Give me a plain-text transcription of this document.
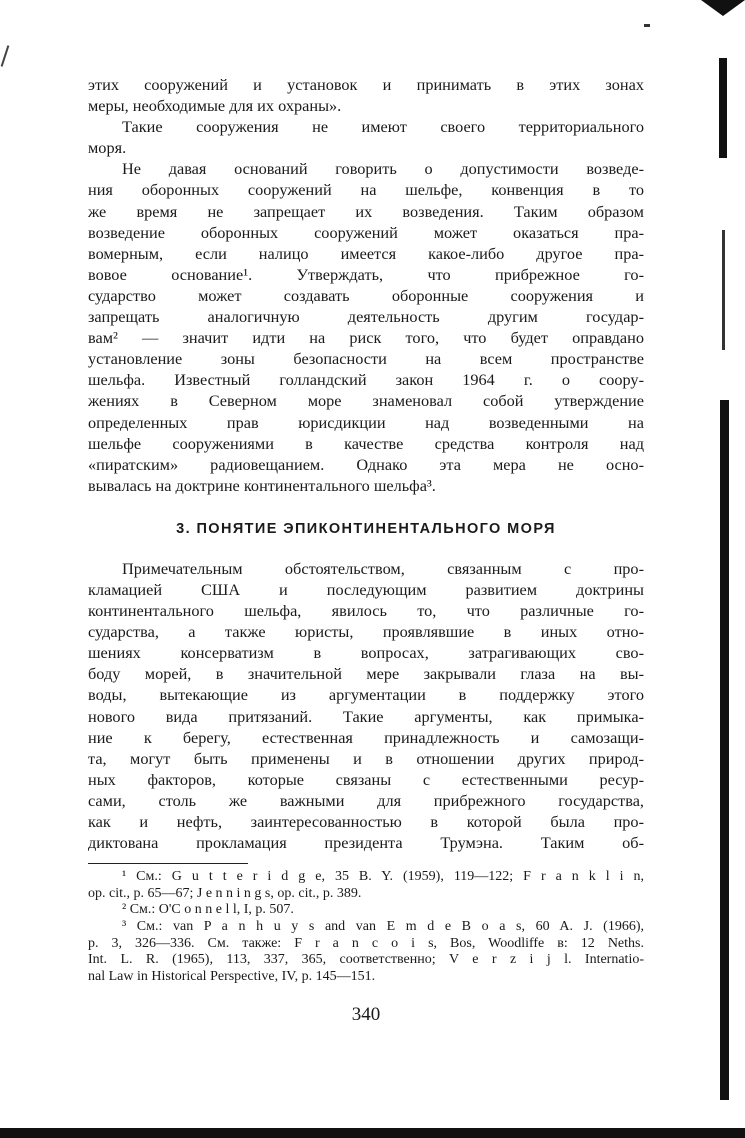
этих сооружений и установок и принимать в этих зонах
меры, необходимые для их охраны».
Такие сооружения не имеют своего территориального
моря.
Не давая оснований говорить о допустимости возведе-
ния оборонных сооружений на шельфе, конвенция в то
же время не запрещает их возведения. Таким образом
возведение оборонных сооружений может оказаться пра-
вомерным, если налицо имеется какое-либо другое пра-
вовое основание¹. Утверждать, что прибрежное го-
сударство может создавать оборонные сооружения и
запрещать аналогичную деятельность другим государ-
вам² — значит идти на риск того, что будет оправдано
установление зоны безопасности на всем пространстве
шельфа. Известный голландский закон 1964 г. о соору-
жениях в Северном море знаменовал собой утверждение
определенных прав юрисдикции над возведенными на
шельфе сооружениями в качестве средства контроля над
«пиратским» радиовещанием. Однако эта мера не осно-
вывалась на доктрине континентального шельфа³.
3. ПОНЯТИЕ ЭПИКОНТИНЕНТАЛЬНОГО МОРЯ
Примечательным обстоятельством, связанным с про-
кламацией США и последующим развитием доктрины
континентального шельфа, явилось то, что различные го-
сударства, а также юристы, проявлявшие в иных отно-
шениях консерватизм в вопросах, затрагивающих сво-
боду морей, в значительной мере закрывали глаза на вы-
воды, вытекающие из аргументации в поддержку этого
нового вида притязаний. Такие аргументы, как примыка-
ние к берегу, естественная принадлежность и самозащи-
та, могут быть применены и в отношении других природ-
ных факторов, которые связаны с естественными ресур-
сами, столь же важными для прибрежного государства,
как и нефть, заинтересованностью в которой была про-
диктована прокламация президента Трумэна. Таким об-
¹ См.: G u t t e r i d g e, 35 B. Y. (1959), 119—122; F r a n k l i n,
op. cit., p. 65—67; J e n n i n g s, op. cit., p. 389.
² См.: O'C o n n e l l, I, p. 507.
³ См.: van P a n h u y s and van E m d e B o a s, 60 A. J. (1966),
p. 3, 326—336. См. также: F r a n c o i s, Bos, Woodliffe в: 12 Neths.
Int. L. R. (1965), 113, 337, 365, соответственно; V e r z i j l. Internatio-
nal Law in Historical Perspective, IV, p. 145—151.
340
